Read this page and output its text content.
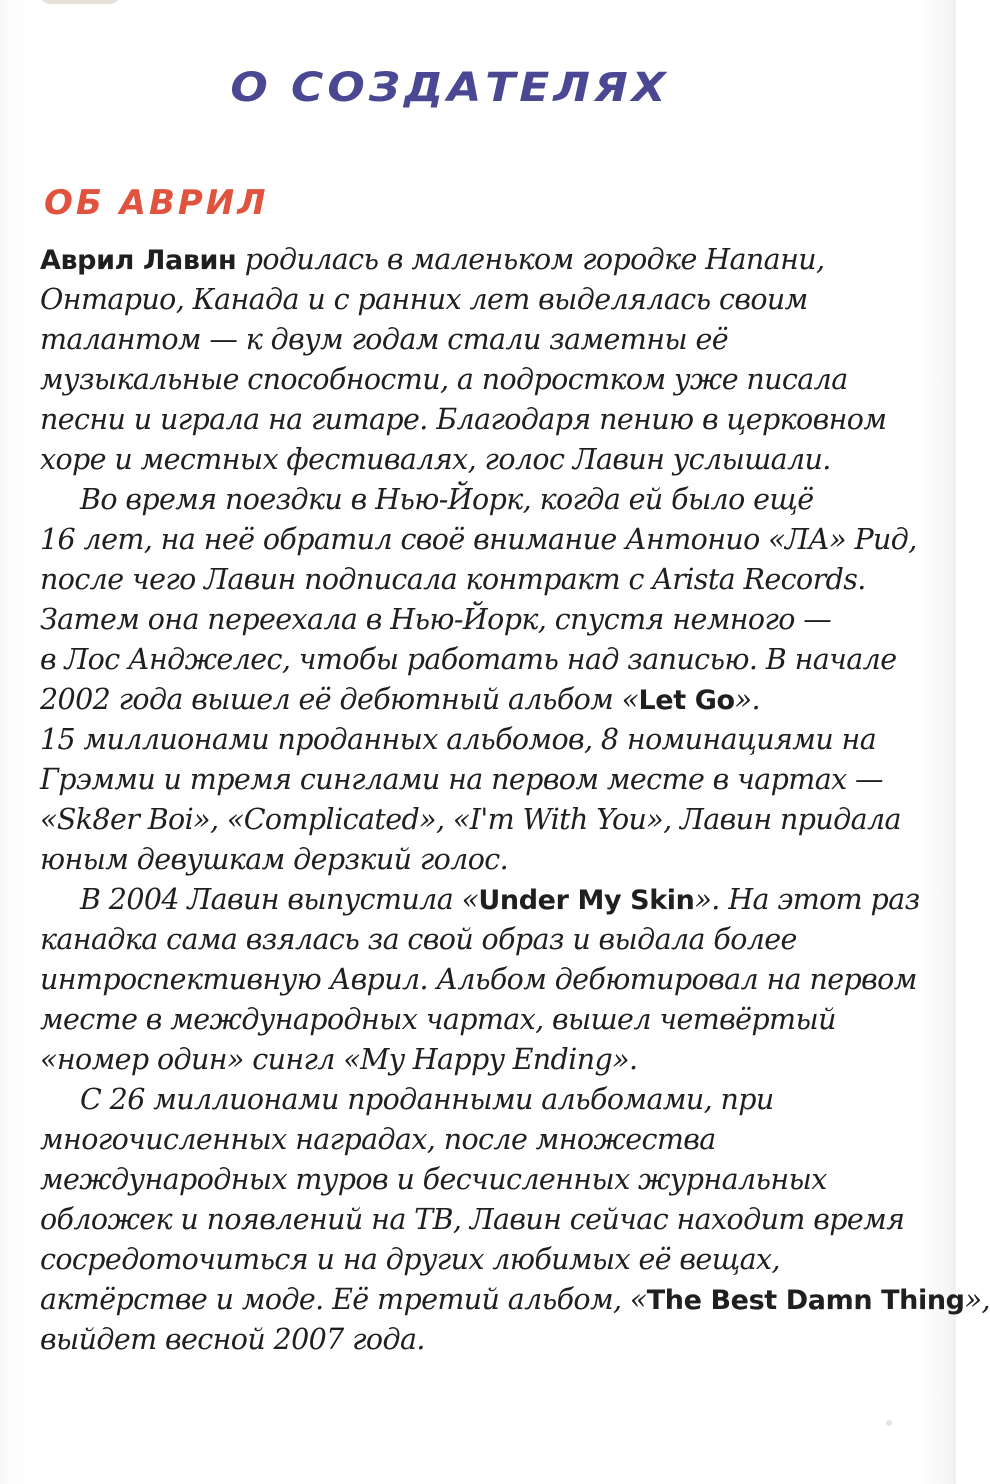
О СОЗДАТЕЛЯХ
ОБ АВРИЛ
Аврил Лавин родилась в маленьком городке Напани,
Онтарио, Канада и с ранних лет выделялась своим
талантом — к двум годам стали заметны её
музыкальные способности, а подростком уже писала
песни и играла на гитаре. Благодаря пению в церковном
хоре и местных фестивалях, голос Лавин услышали.
Во время поездки в Нью-Йорк, когда ей было ещё
16 лет, на неё обратил своё внимание Антонио «ЛА» Рид,
после чего Лавин подписала контракт с Arista Records.
Затем она переехала в Нью-Йорк, спустя немного —
в Лос Анджелес, чтобы работать над записью. В начале
2002 года вышел её дебютный альбом «Let Go».
15 миллионами проданных альбомов, 8 номинациями на
Грэмми и тремя синглами на первом месте в чартах —
«Sk8er Boi», «Complicated», «I'm With You», Лавин придала
юным девушкам дерзкий голос.
В 2004 Лавин выпустила «Under My Skin». На этот раз
канадка сама взялась за свой образ и выдала более
интроспективную Аврил. Альбом дебютировал на первом
месте в международных чартах, вышел четвёртый
«номер один» сингл «My Happy Ending».
С 26 миллионами проданными альбомами, при
многочисленных наградах, после множества
международных туров и бесчисленных журнальных
обложек и появлений на ТВ, Лавин сейчас находит время
сосредоточиться и на других любимых её вещах,
актёрстве и моде. Её третий альбом, «The Best Damn Thing»,
выйдет весной 2007 года.
